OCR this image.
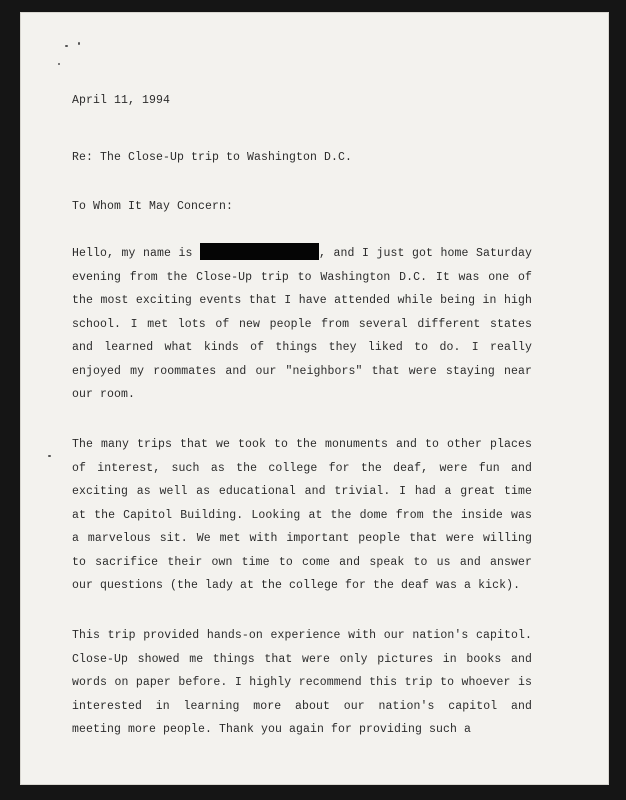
April 11, 1994
Re: The Close-Up trip to Washington D.C.
To Whom It May Concern:
Hello, my name is	, and I just got home Saturday evening from the Close-Up trip to Washington D.C. It was one of the most exciting events that I have attended while being in high school. I met lots of new people from several different states and learned what kinds of things they liked to do. I really enjoyed my roommates and our "neighbors" that were staying near our room.
The many trips that we took to the monuments and to other places of interest, such as the college for the deaf, were fun and exciting as well as educational and trivial. I had a great time at the Capitol Building. Looking at the dome from the inside was a marvelous sit. We met with important people that were willing to sacrifice their own time to come and speak to us and answer our questions (the lady at the college for the deaf was a kick).
This trip provided hands-on experience with our nation's capitol. Close-Up showed me things that were only pictures in books and words on paper before. I highly recommend this trip to whoever is interested in learning more about our nation's capitol and meeting more people. Thank you again for providing such a
